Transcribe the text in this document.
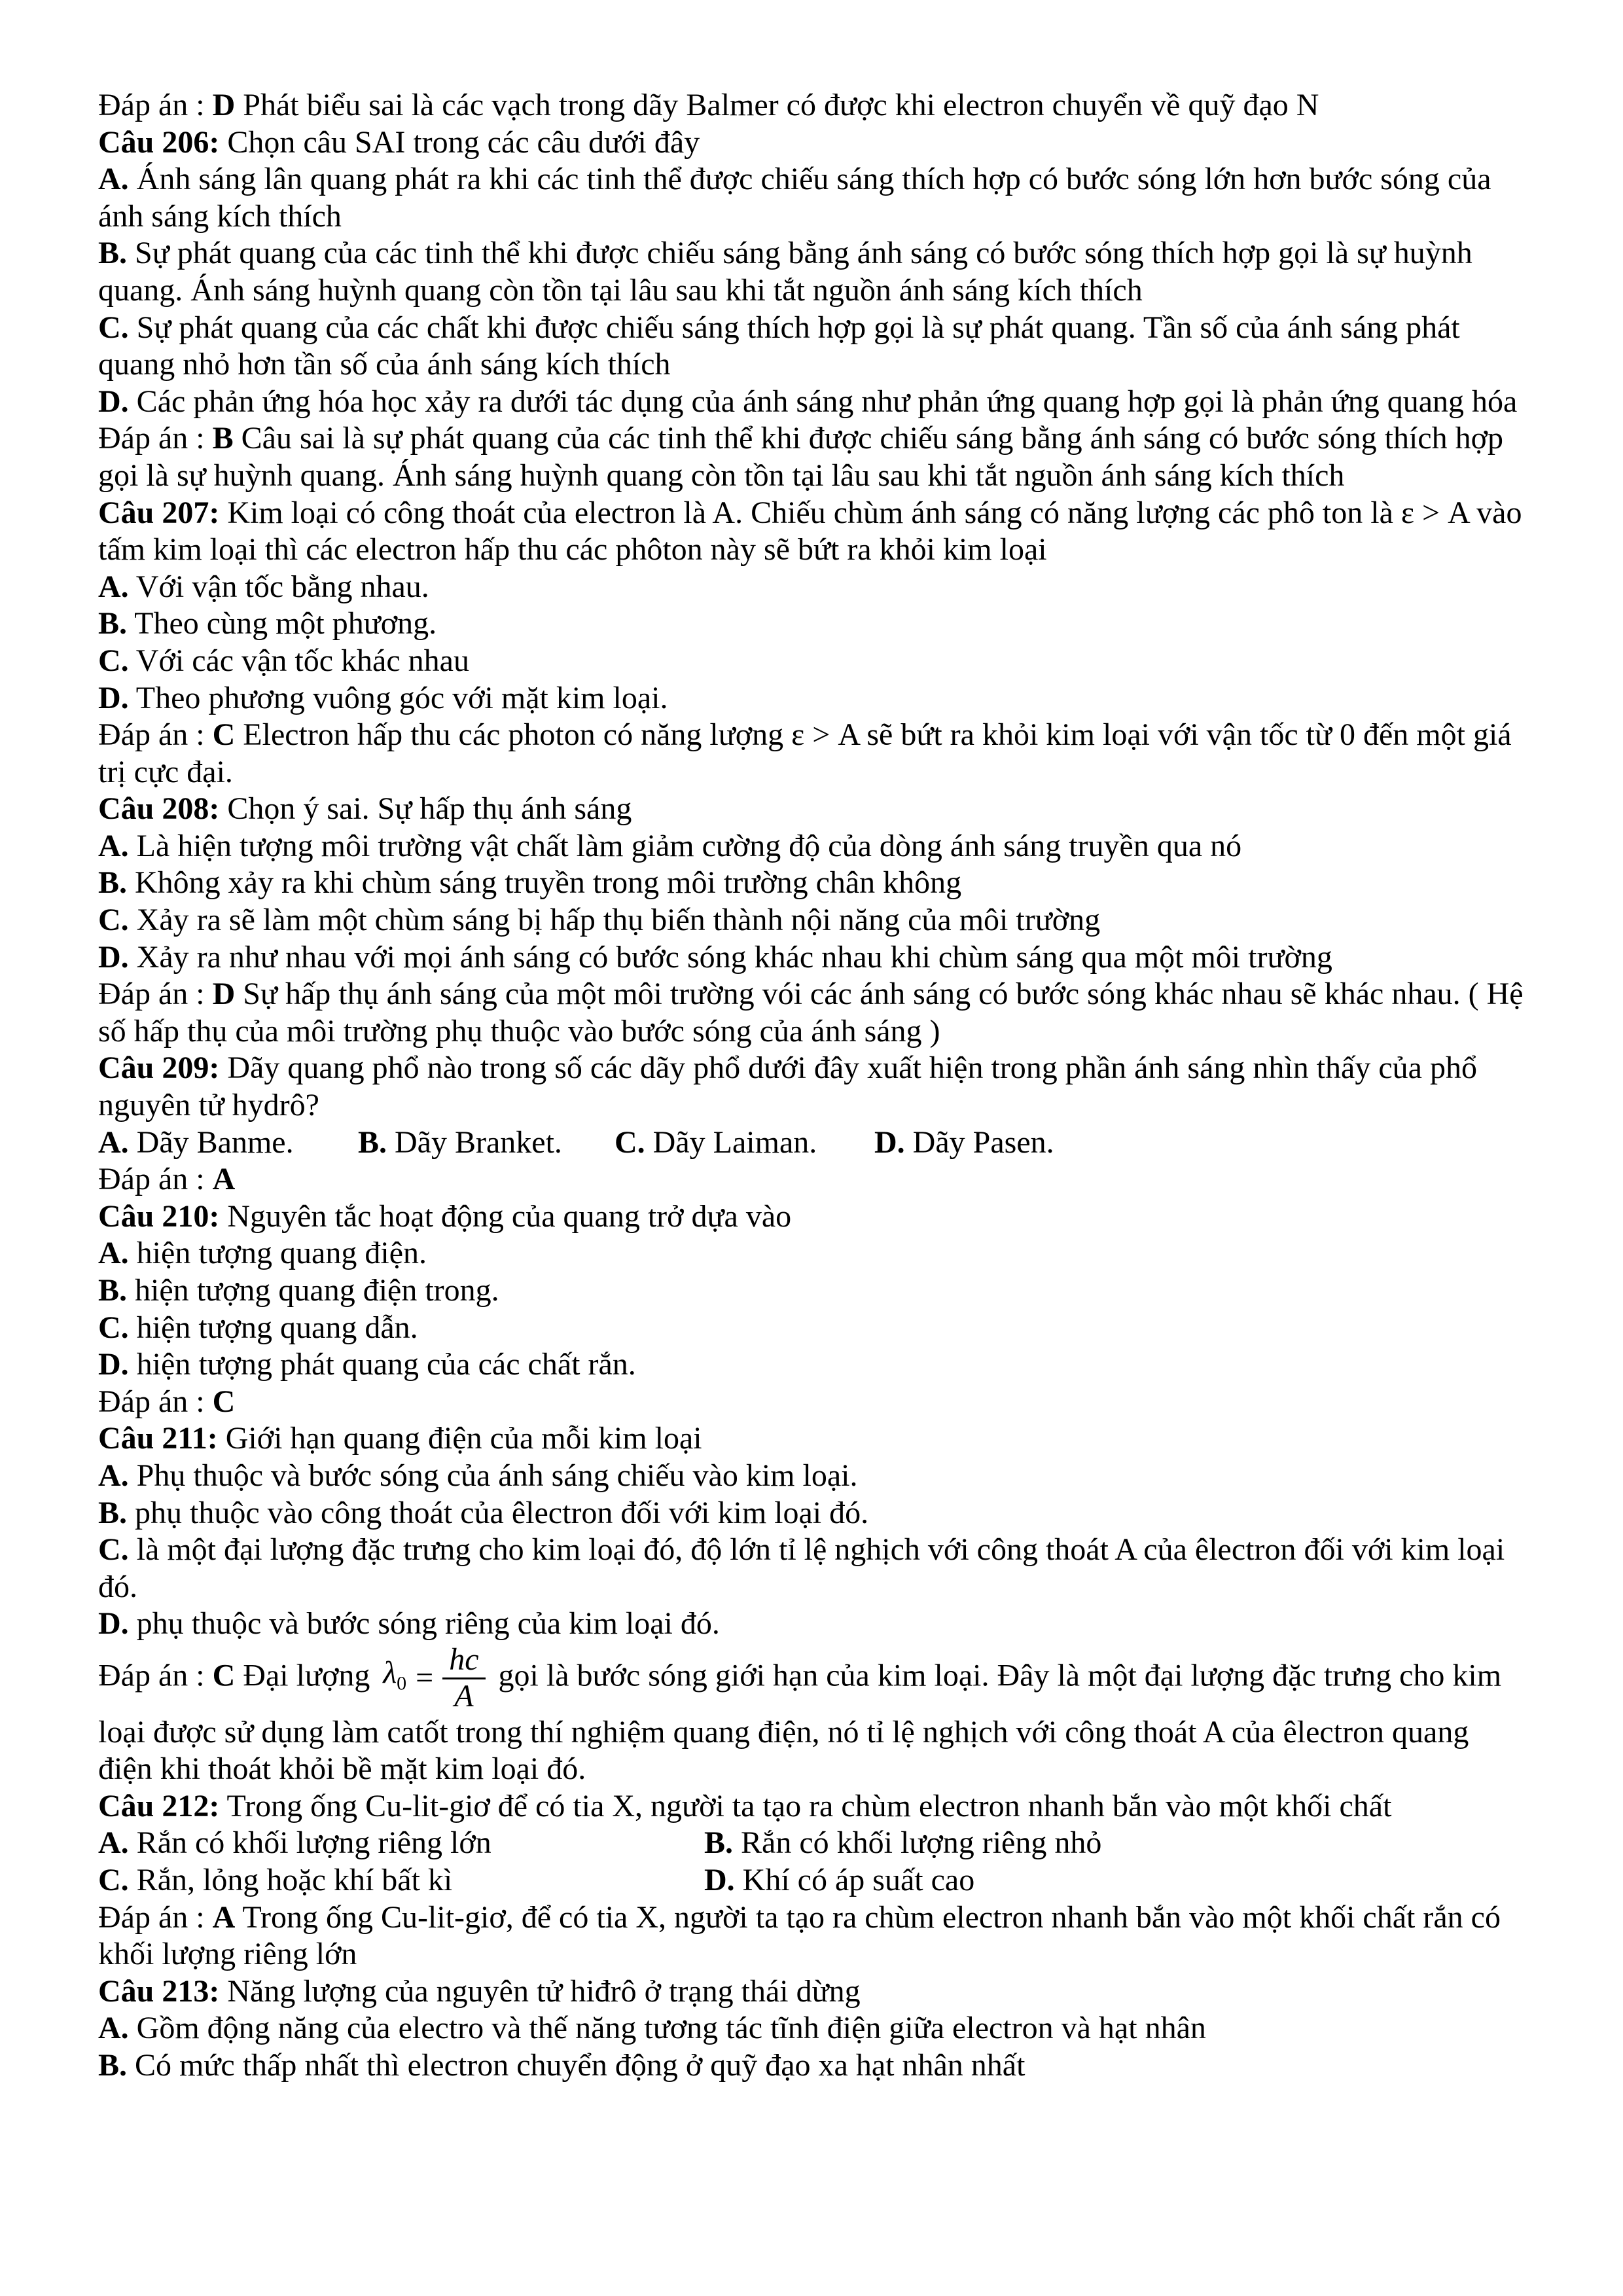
Đáp án : D Phát biểu sai là các vạch trong dãy Balmer có được khi electron chuyển về quỹ đạo N
Câu 206: Chọn câu SAI trong các câu dưới đây
A. Ánh sáng lân quang phát ra khi các tinh thể được chiếu sáng thích hợp có bước sóng lớn hơn bước sóng của ánh sáng kích thích
B. Sự phát quang của các tinh thể khi được chiếu sáng bằng ánh sáng có bước sóng thích hợp gọi là sự huỳnh quang. Ánh sáng huỳnh quang còn tồn tại lâu sau khi tắt nguồn ánh sáng kích thích
C. Sự phát quang của các chất khi được chiếu sáng thích hợp gọi là sự phát quang. Tần số của ánh sáng phát quang nhỏ hơn tần số của ánh sáng kích thích
D. Các phản ứng hóa học xảy ra dưới tác dụng của ánh sáng như phản ứng quang hợp gọi là phản ứng quang hóa
Đáp án : B Câu sai là sự phát quang của các tinh thể khi được chiếu sáng bằng ánh sáng có bước sóng thích hợp gọi là sự huỳnh quang. Ánh sáng huỳnh quang còn tồn tại lâu sau khi tắt nguồn ánh sáng kích thích
Câu 207: Kim loại có công thoát của electron là A. Chiếu chùm ánh sáng có năng lượng các phô ton là ε > A vào tấm kim loại thì các electron hấp thu các phôton này sẽ bứt ra khỏi kim loại
A. Với vận tốc bằng nhau.
B. Theo cùng một phương.
C. Với các vận tốc khác nhau
D. Theo phương vuông góc với mặt kim loại.
Đáp án : C Electron hấp thu các photon có năng lượng ε > A sẽ bứt ra khỏi kim loại với vận tốc từ 0 đến một giá trị cực đại.
Câu 208: Chọn ý sai. Sự hấp thụ ánh sáng
A. Là hiện tượng môi trường vật chất làm giảm cường độ của dòng ánh sáng truyền qua nó
B. Không xảy ra khi chùm sáng truyền trong môi trường chân không
C. Xảy ra sẽ làm một chùm sáng bị hấp thụ biến thành nội năng của môi trường
D. Xảy ra như nhau với mọi ánh sáng có bước sóng khác nhau khi chùm sáng qua một môi trường
Đáp án : D Sự hấp thụ ánh sáng của một môi trường vói các ánh sáng có bước sóng khác nhau sẽ khác nhau. ( Hệ số hấp thụ của môi trường phụ thuộc vào bước sóng của ánh sáng )
Câu 209: Dãy quang phổ nào trong số các dãy phổ dưới đây xuất hiện trong phần ánh sáng nhìn thấy của phổ nguyên tử hydrô?
A. Dãy Banme.	B. Dãy Branket.	C. Dãy Laiman.	D. Dãy Pasen.
Đáp án : A
Câu 210: Nguyên tắc hoạt động của quang trở dựa vào
A. hiện tượng quang điện.
B. hiện tượng quang điện trong.
C. hiện tượng quang dẫn.
D. hiện tượng phát quang của các chất rắn.
Đáp án : C
Câu 211: Giới hạn quang điện của mỗi kim loại
A. Phụ thuộc và bước sóng của ánh sáng chiếu vào kim loại.
B. phụ thuộc vào công thoát của êlectron đối với kim loại đó.
C. là một đại lượng đặc trưng cho kim loại đó, độ lớn tỉ lệ nghịch với công thoát A của êlectron đối với kim loại đó.
D. phụ thuộc và bước sóng riêng của kim loại đó.
Đáp án : C Đại lượng $\lambda_0 = \frac{hc}{A}$ gọi là bước sóng giới hạn của kim loại. Đây là một đại lượng đặc trưng cho kim loại được sử dụng làm catốt trong thí nghiệm quang điện, nó tỉ lệ nghịch với công thoát A của êlectron quang điện khi thoát khỏi bề mặt kim loại đó.
Câu 212: Trong ống Cu-lit-giơ để có tia X, người ta tạo ra chùm electron nhanh bắn vào một khối chất
A. Rắn có khối lượng riêng lớn	B. Rắn có khối lượng riêng nhỏ
C. Rắn, lỏng hoặc khí bất kì	D. Khí có áp suất cao
Đáp án : A Trong ống Cu-lit-giơ, để có tia X, người ta tạo ra chùm electron nhanh bắn vào một khối chất rắn có khối lượng riêng lớn
Câu 213: Năng lượng của nguyên tử hiđrô ở trạng thái dừng
A. Gồm động năng của electro và thế năng tương tác tĩnh điện giữa electron và hạt nhân
B. Có mức thấp nhất thì electron chuyển động ở quỹ đạo xa hạt nhân nhất
